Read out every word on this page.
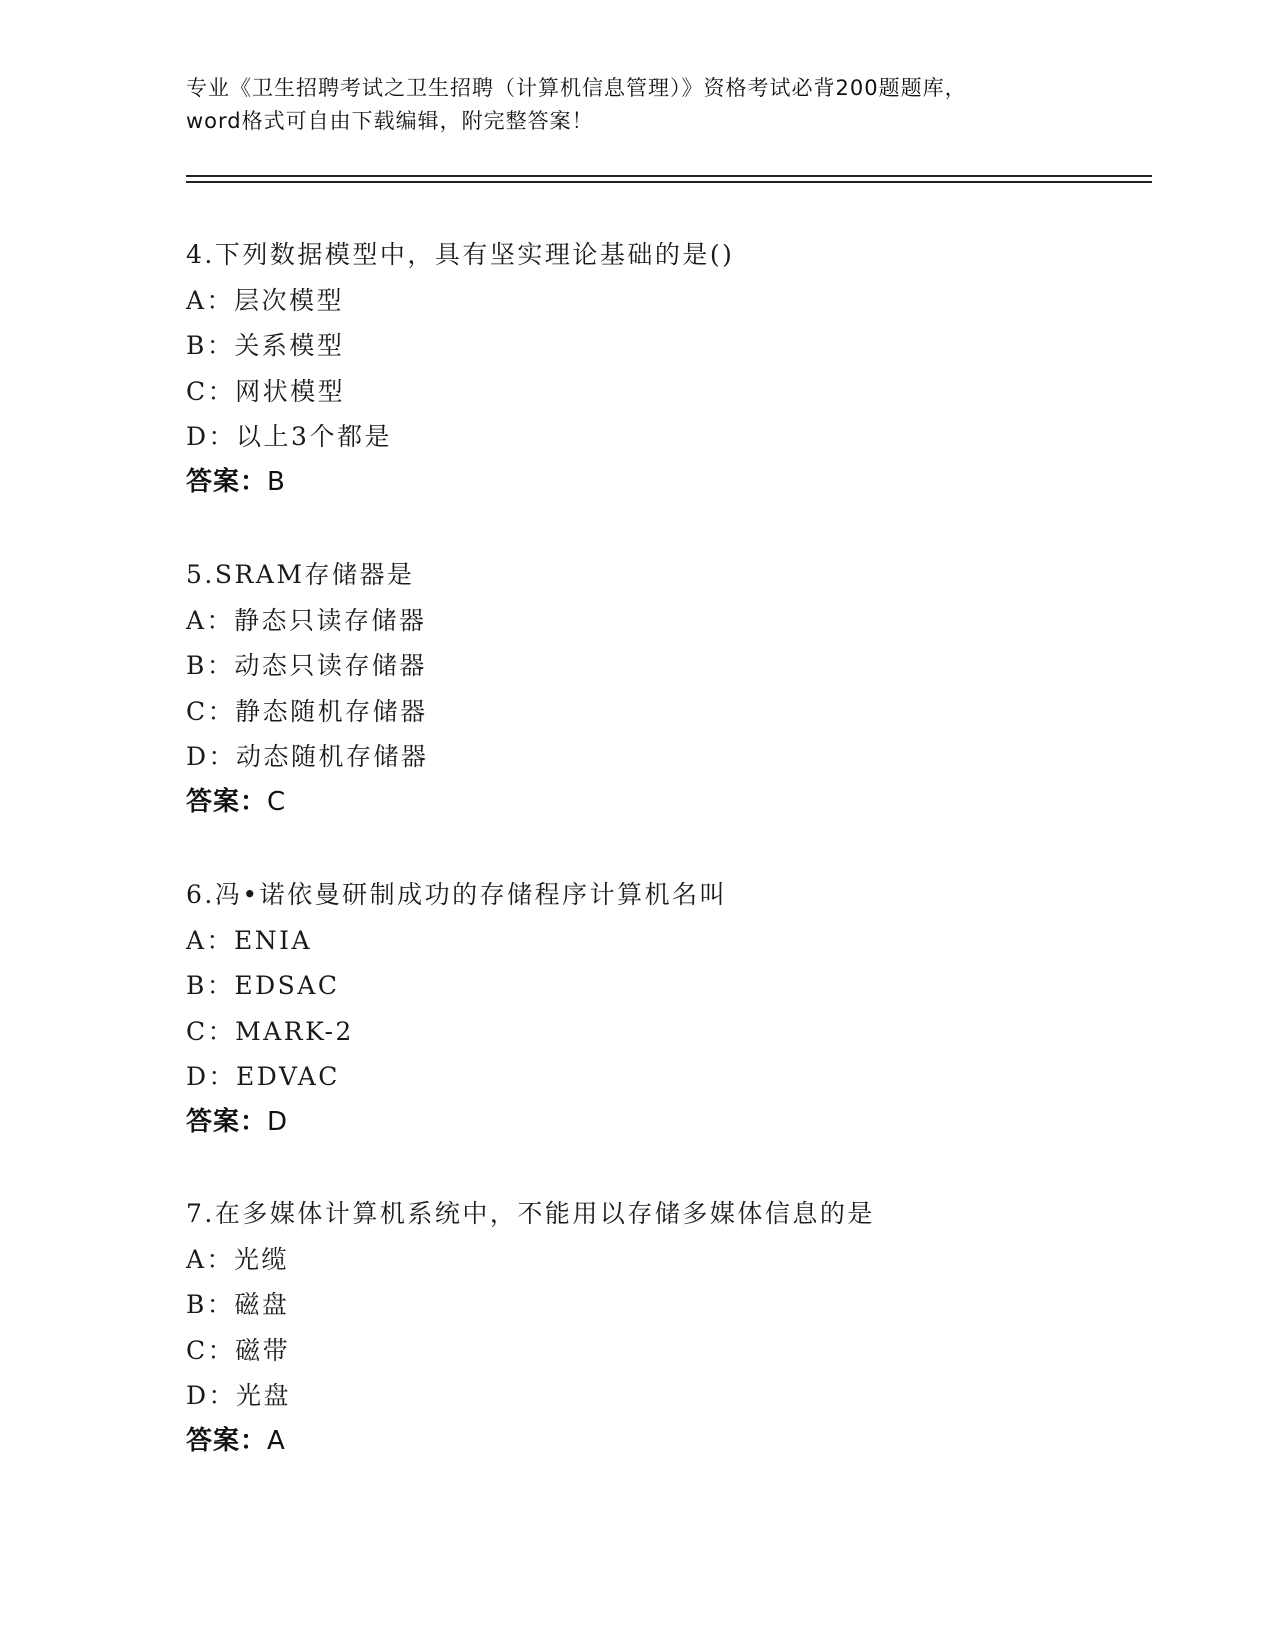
专业《卫生招聘考试之卫生招聘（计算机信息管理）》资格考试必背200题题库，
word格式可自由下载编辑，附完整答案！
4.下列数据模型中，具有坚实理论基础的是()
A：层次模型
B：关系模型
C：网状模型
D：以上3个都是
答案：B
5.SRAM存储器是
A：静态只读存储器
B：动态只读存储器
C：静态随机存储器
D：动态随机存储器
答案：C
6.冯•诺依曼研制成功的存储程序计算机名叫
A：ENIA
B：EDSAC
C：MARK-2
D：EDVAC
答案：D
7.在多媒体计算机系统中，不能用以存储多媒体信息的是
A：光缆
B：磁盘
C：磁带
D：光盘
答案：A
